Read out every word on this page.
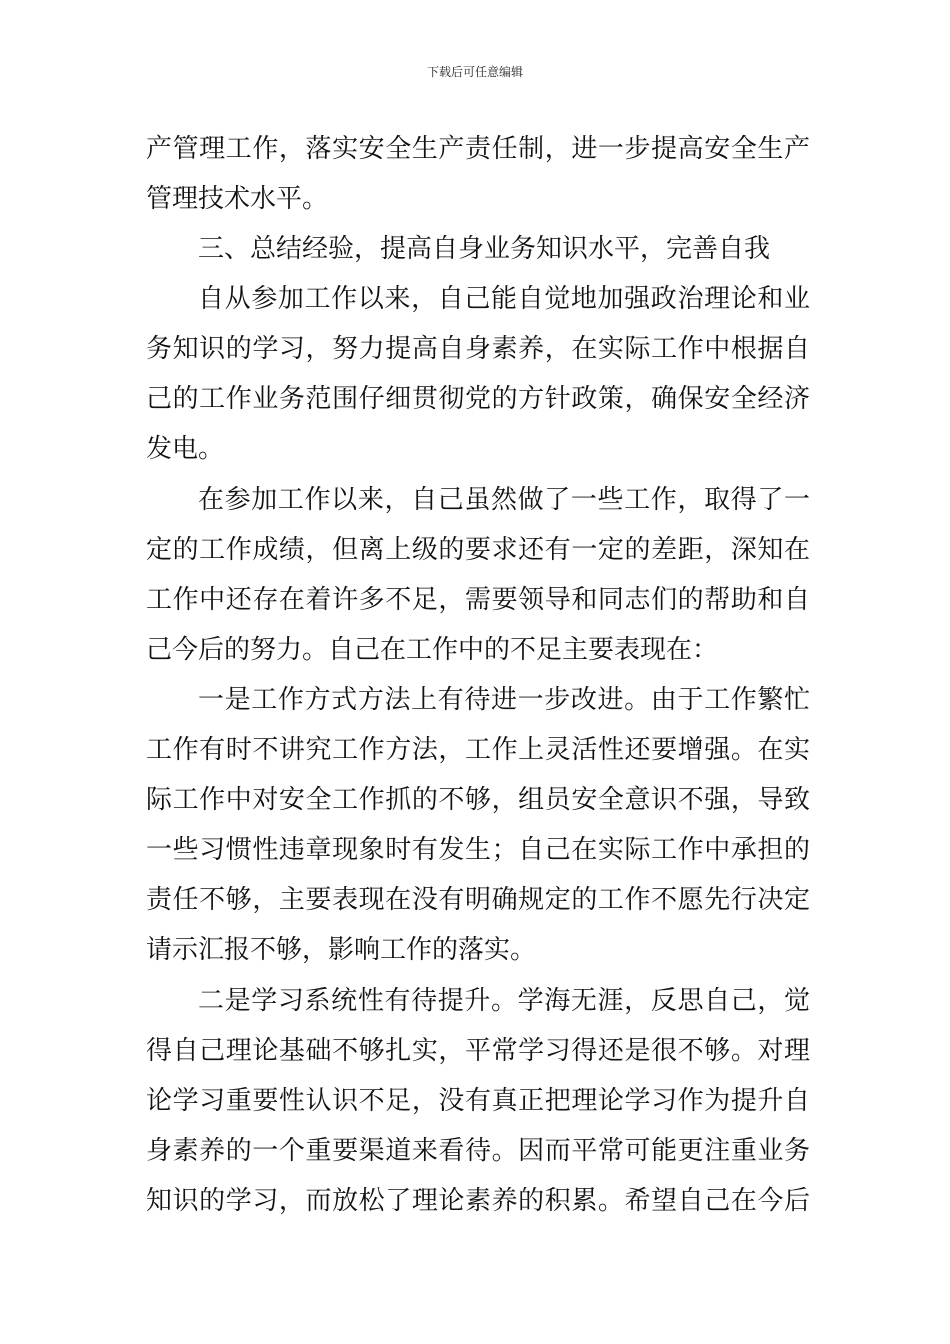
下载后可任意编辑
产管理工作，落实安全生产责任制，进一步提高安全生产
管理技术水平。
三、总结经验，提高自身业务知识水平，完善自我
自从参加工作以来，自己能自觉地加强政治理论和业
务知识的学习，努力提高自身素养，在实际工作中根据自
己的工作业务范围仔细贯彻党的方针政策，确保安全经济
发电。
在参加工作以来，自己虽然做了一些工作，取得了一
定的工作成绩，但离上级的要求还有一定的差距，深知在
工作中还存在着许多不足，需要领导和同志们的帮助和自
己今后的努力。自己在工作中的不足主要表现在：
一是工作方式方法上有待进一步改进。由于工作繁忙
工作有时不讲究工作方法，工作上灵活性还要增强。在实
际工作中对安全工作抓的不够，组员安全意识不强，导致
一些习惯性违章现象时有发生；自己在实际工作中承担的
责任不够，主要表现在没有明确规定的工作不愿先行决定
请示汇报不够，影响工作的落实。
二是学习系统性有待提升。学海无涯，反思自己，觉
得自己理论基础不够扎实，平常学习得还是很不够。对理
论学习重要性认识不足，没有真正把理论学习作为提升自
身素养的一个重要渠道来看待。因而平常可能更注重业务
知识的学习，而放松了理论素养的积累。希望自己在今后
